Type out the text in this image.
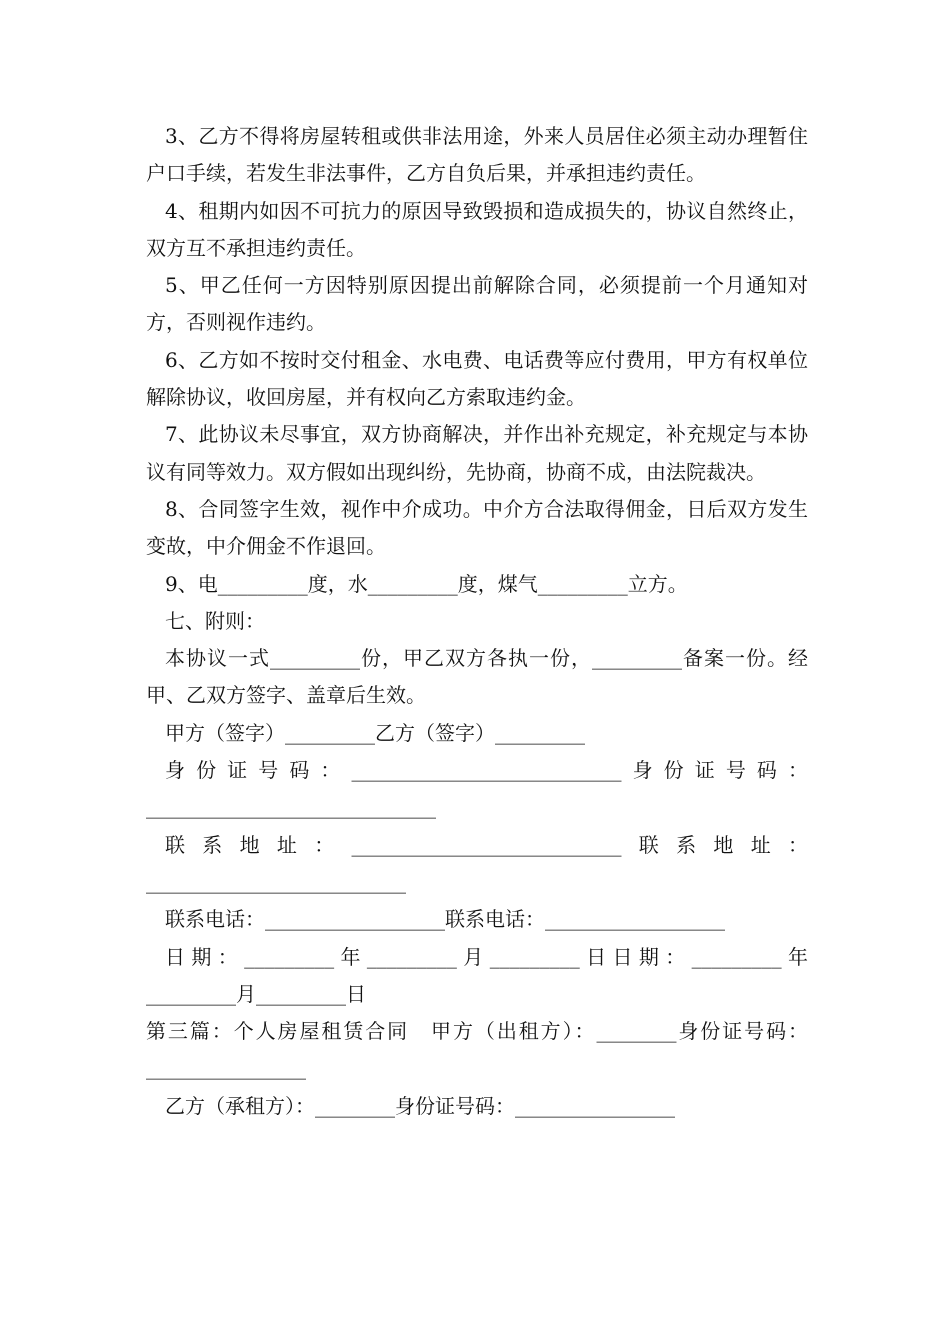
3、乙方不得将房屋转租或供非法用途，外来人员居住必须主动办理暂住户口手续，若发生非法事件，乙方自负后果，并承担违约责任。

4、租期内如因不可抗力的原因导致毁损和造成损失的，协议自然终止，双方互不承担违约责任。

5、甲乙任何一方因特别原因提出前解除合同，必须提前一个月通知对方，否则视作违约。

6、乙方如不按时交付租金、水电费、电话费等应付费用，甲方有权单位解除协议，收回房屋，并有权向乙方索取违约金。

7、此协议未尽事宜，双方协商解决，并作出补充规定，补充规定与本协议有同等效力。双方假如出现纠纷，先协商，协商不成，由法院裁决。

8、合同签字生效，视作中介成功。中介方合法取得佣金，日后双方发生变故，中介佣金不作退回。

9、电_________度，水_________度，煤气_________立方。

七、附则：

本协议一式_________份，甲乙双方各执一份，_________备案一份。经甲、乙双方签字、盖章后生效。

甲方（签字）_________乙方（签字）_________

身份证号码：___________________________身份证号码：_____________________________

联系地址：___________________________联系地址：__________________________

联系电话：__________________联系电话：__________________

日期：_________年_________月_________日日期：_________年_________月_________日

第三篇：个人房屋租赁合同　甲方（出租方）：________身份证号码：________________

乙方（承租方）：________身份证号码：________________
